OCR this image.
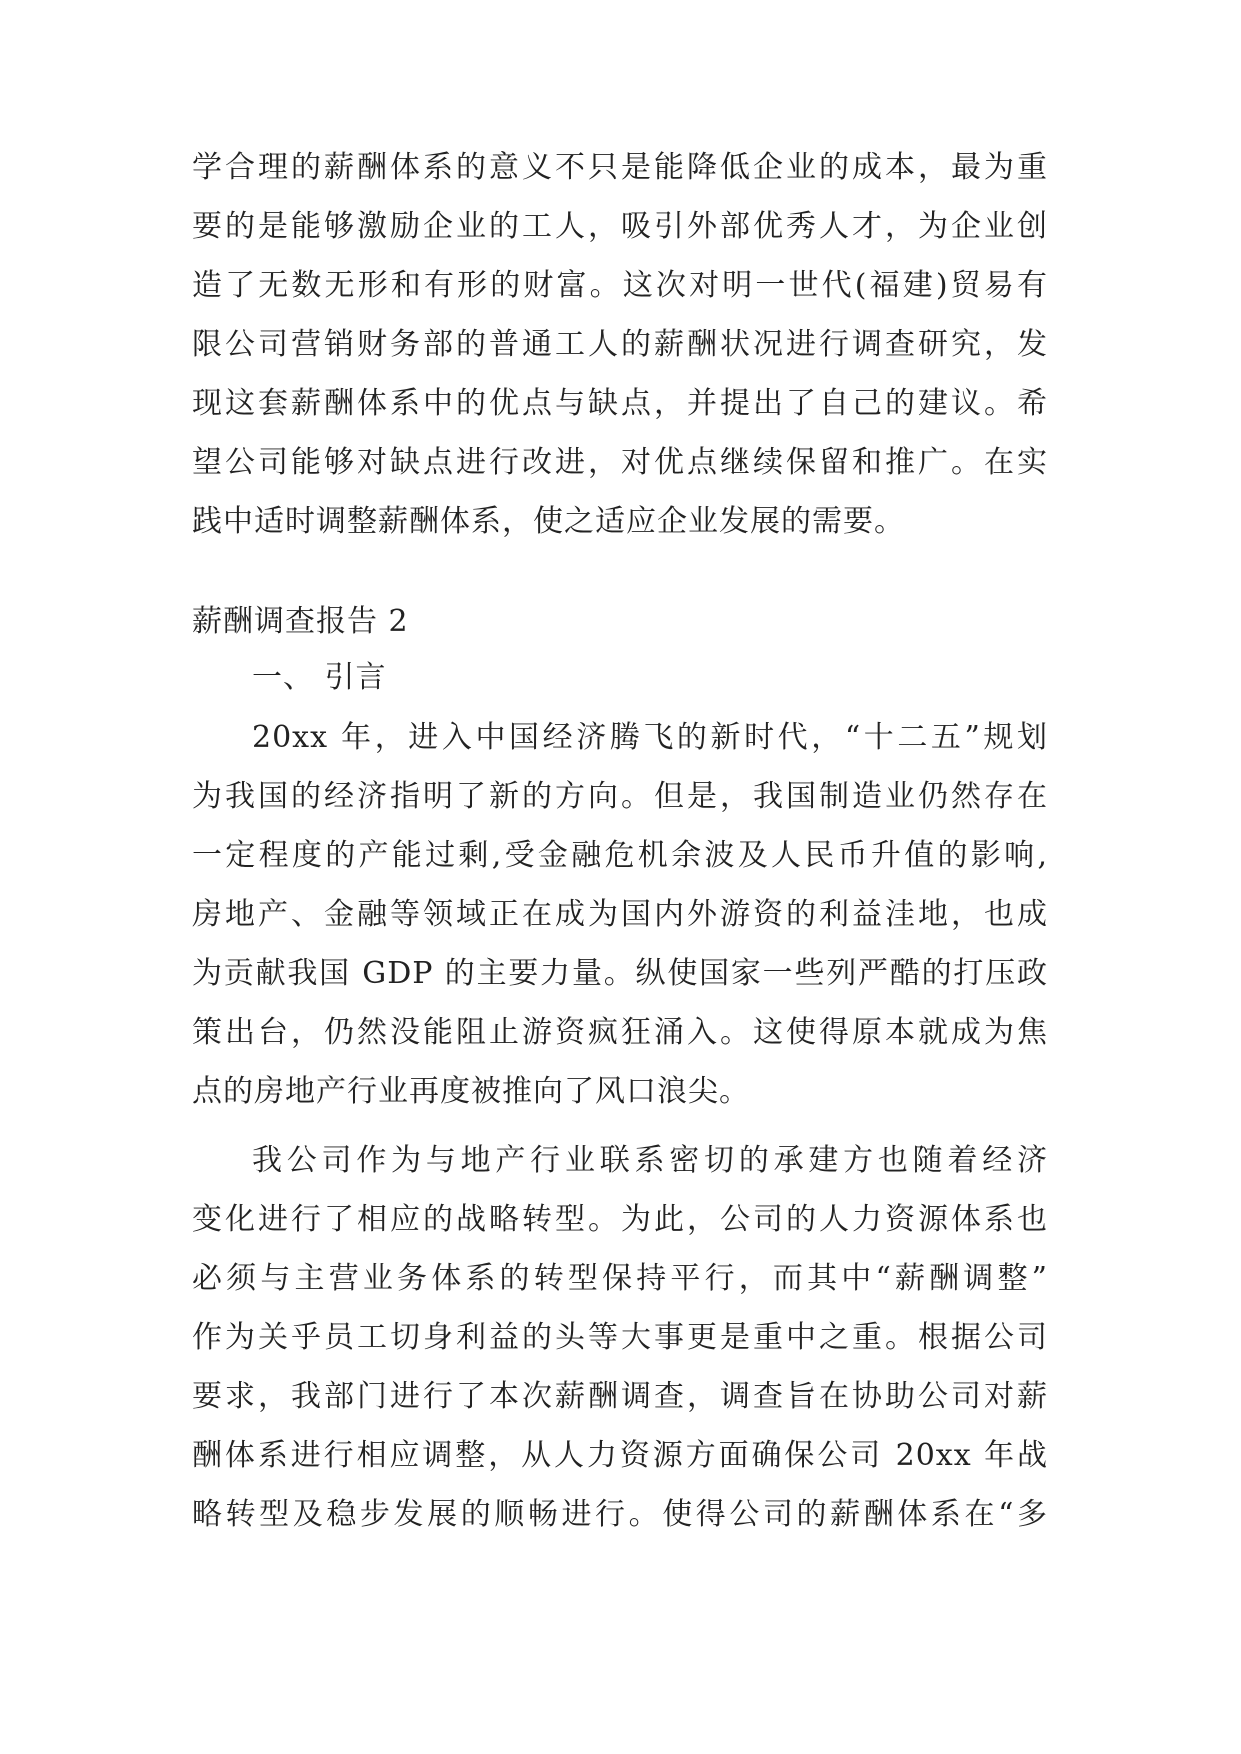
学合理的薪酬体系的意义不只是能降低企业的成本，最为重
要的是能够激励企业的工人，吸引外部优秀人才，为企业创
造了无数无形和有形的财富。这次对明一世代(福建)贸易有
限公司营销财务部的普通工人的薪酬状况进行调查研究，发
现这套薪酬体系中的优点与缺点，并提出了自己的建议。希
望公司能够对缺点进行改进，对优点继续保留和推广。在实
践中适时调整薪酬体系，使之适应企业发展的需要。
薪酬调查报告 2
一、 引言
20xx 年，进入中国经济腾飞的新时代，“十二五”规划
为我国的经济指明了新的方向。但是，我国制造业仍然存在
一定程度的产能过剩,受金融危机余波及人民币升值的影响,
房地产、金融等领域正在成为国内外游资的利益洼地，也成
为贡献我国 GDP 的主要力量。纵使国家一些列严酷的打压政
策出台，仍然没能阻止游资疯狂涌入。这使得原本就成为焦
点的房地产行业再度被推向了风口浪尖。
我公司作为与地产行业联系密切的承建方也随着经济
变化进行了相应的战略转型。为此，公司的人力资源体系也
必须与主营业务体系的转型保持平行，而其中“薪酬调整”
作为关乎员工切身利益的头等大事更是重中之重。根据公司
要求，我部门进行了本次薪酬调查，调查旨在协助公司对薪
酬体系进行相应调整，从人力资源方面确保公司 20xx 年战
略转型及稳步发展的顺畅进行。使得公司的薪酬体系在“多
